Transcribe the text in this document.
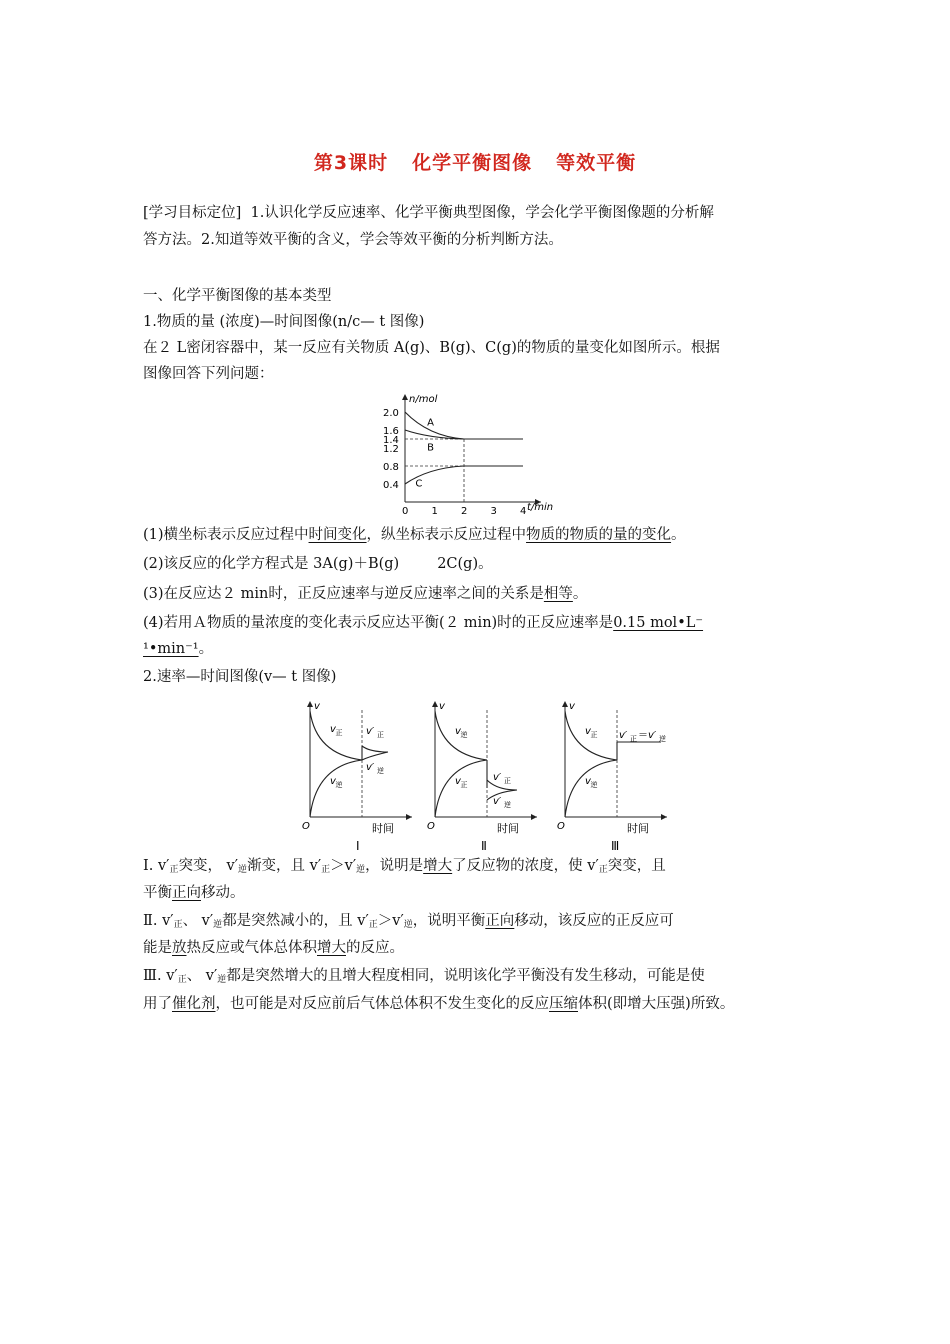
第3课时 化学平衡图像 等效平衡
[学习目标定位] 1.认识化学反应速率、化学平衡典型图像，学会化学平衡图像题的分析解
答方法。2.知道等效平衡的含义，学会等效平衡的分析判断方法。
一、化学平衡图像的基本类型
1.物质的量 (浓度)—时间图像(n/c— t 图像)
在２ L密闭容器中，某一反应有关物质 A(g)、B(g)、C(g)的物质的量变化如图所示。根据
图像回答下列问题：
n/mol
t/min
0 1 2 3 4
0.4
0.8
1.2
1.4
1.6
2.0
A
B
C
(1)横坐标表示反应过程中时间变化，纵坐标表示反应过程中物质的物质的量的变化。
(2)该反应的化学方程式是 3A(g)＋B(g)	2C(g)。
(3)在反应达２ min时，正反应速率与逆反应速率之间的关系是相等。
(4)若用Ａ物质的量浓度的变化表示反应达平衡(２ min)时的正反应速率是0.15 mol•L⁻
¹•min⁻¹。
2.速率—时间图像(v— t 图像)
v
O	时间
Ⅰ
v 正
v 逆
v′ 正
v′ 逆
v
O	时间
Ⅱ
v 逆
v 正
v′ 正
v′ 逆
v
O	时间
Ⅲ
v 正
v 逆
v′ 正 ＝ v′ 逆
Ⅰ. $v'_正$突变， $v'_逆$渐变，且 $v'_正>v'_逆$，说明是增大了反应物的浓度，使 $v'_正$突变，且
平衡正向移动。
Ⅱ. $v'_正$、 $v'_逆$都是突然减小的，且 $v'_正>v'_逆$，说明平衡正向移动，该反应的正反应可
能是放热反应或气体总体积增大的反应。
Ⅲ. $v'_正$、 $v'_逆$都是突然增大的且增大程度相同，说明该化学平衡没有发生移动，可能是使
用了催化剂，也可能是对反应前后气体总体积不发生变化的反应压缩体积(即增大压强)所致。
